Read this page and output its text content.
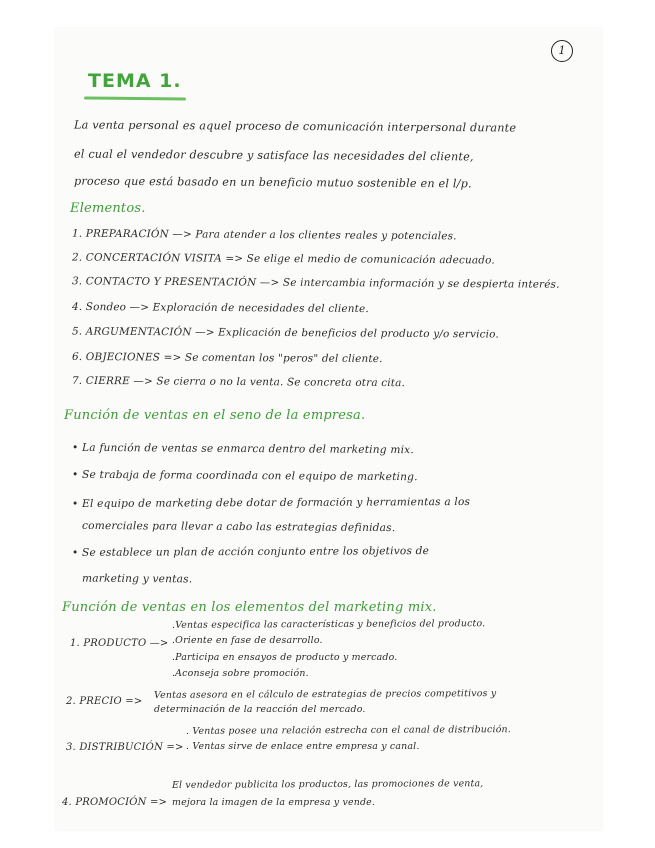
1
TEMA 1.
La venta personal es aquel proceso de comunicación interpersonal durante
el cual el vendedor descubre y satisface las necesidades del cliente,
proceso que está basado en un beneficio mutuo sostenible en el l/p.
Elementos.
1. PREPARACIÓN —> Para atender a los clientes reales y potenciales.
2. CONCERTACIÓN VISITA => Se elige el medio de comunicación adecuado.
3. CONTACTO Y PRESENTACIÓN —> Se intercambia información y se despierta interés.
4. Sondeo —> Exploración de necesidades del cliente.
5. ARGUMENTACIÓN —> Explicación de beneficios del producto y/o servicio.
6. OBJECIONES => Se comentan los "peros" del cliente.
7. CIERRE —> Se cierra o no la venta. Se concreta otra cita.
Función de ventas en el seno de la empresa.
• La función de ventas se enmarca dentro del marketing mix.
• Se trabaja de forma coordinada con el equipo de marketing.
• El equipo de marketing debe dotar de formación y herramientas a los
comerciales para llevar a cabo las estrategias definidas.
• Se establece un plan de acción conjunto entre los objetivos de
marketing y ventas.
Función de ventas en los elementos del marketing mix.
1. PRODUCTO —>
.Ventas especifica las características y beneficios del producto.
.Oriente en fase de desarrollo.
.Participa en ensayos de producto y mercado.
.Aconseja sobre promoción.
2. PRECIO =>
Ventas asesora en el cálculo de estrategias de precios competitivos y
determinación de la reacción del mercado.
3. DISTRIBUCIÓN =>
. Ventas posee una relación estrecha con el canal de distribución.
. Ventas sirve de enlace entre empresa y canal.
4. PROMOCIÓN =>
El vendedor publicita los productos, las promociones de venta,
mejora la imagen de la empresa y vende.
